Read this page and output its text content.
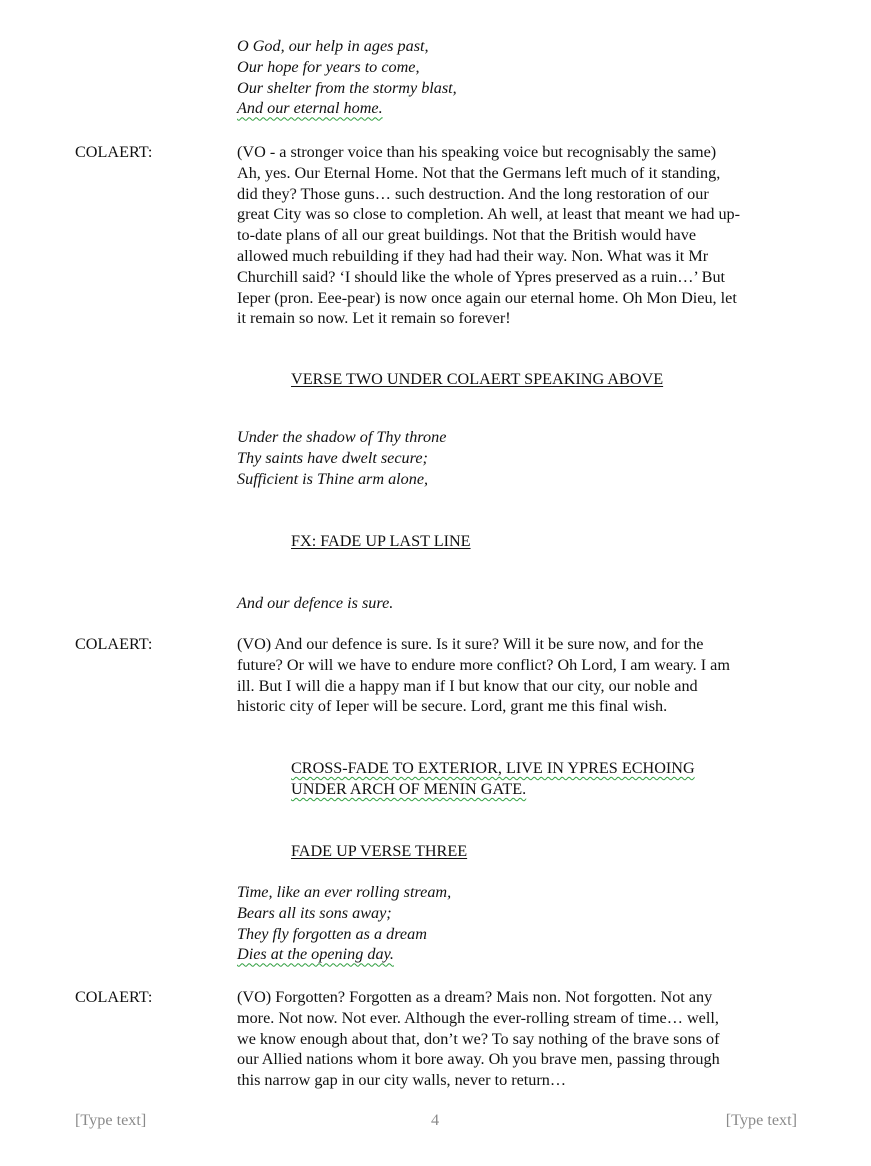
O God, our help in ages past,
Our hope for years to come,
Our shelter from the stormy blast,
And our eternal home.
COLAERT:	(VO - a stronger voice than his speaking voice but recognisably the same)
Ah, yes. Our Eternal Home. Not that the Germans left much of it standing,
did they? Those guns… such destruction. And the long restoration of our
great City was so close to completion. Ah well, at least that meant we had up-
to-date plans of all our great buildings. Not that the British would have
allowed much rebuilding if they had had their way. Non. What was it Mr
Churchill said? ‘I should like the whole of Ypres preserved as a ruin…’ But
Ieper (pron. Eee-pear) is now once again our eternal home. Oh Mon Dieu, let
it remain so now. Let it remain so forever!
VERSE TWO UNDER COLAERT SPEAKING ABOVE
Under the shadow of Thy throne
Thy saints have dwelt secure;
Sufficient is Thine arm alone,
FX: FADE UP LAST LINE
And our defence is sure.
COLAERT:	(VO) And our defence is sure. Is it sure? Will it be sure now, and for the
future? Or will we have to endure more conflict? Oh Lord, I am weary. I am
ill. But I will die a happy man if I but know that our city, our noble and
historic city of Ieper will be secure. Lord, grant me this final wish.
CROSS-FADE TO EXTERIOR, LIVE IN YPRES ECHOING UNDER ARCH OF MENIN GATE.
FADE UP VERSE THREE
Time, like an ever rolling stream,
Bears all its sons away;
They fly forgotten as a dream
Dies at the opening day.
COLAERT:	(VO) Forgotten? Forgotten as a dream? Mais non. Not forgotten. Not any
more. Not now. Not ever. Although the ever-rolling stream of time… well,
we know enough about that, don’t we? To say nothing of the brave sons of
our Allied nations whom it bore away. Oh you brave men, passing through
this narrow gap in our city walls, never to return…
[Type text]	4	[Type text]
